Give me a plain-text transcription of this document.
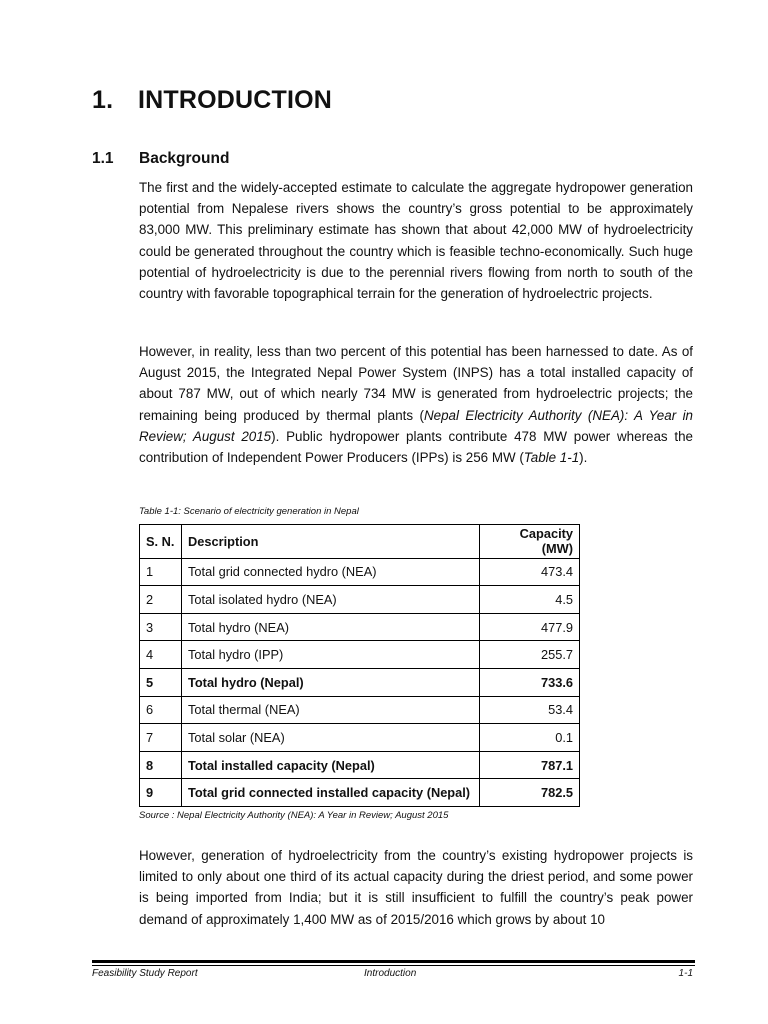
1. INTRODUCTION
1.1 Background

The first and the widely-accepted estimate to calculate the aggregate hydropower generation potential from Nepalese rivers shows the country’s gross potential to be approximately 83,000 MW. This preliminary estimate has shown that about 42,000 MW of hydroelectricity could be generated throughout the country which is feasible techno-economically. Such huge potential of hydroelectricity is due to the perennial rivers flowing from north to south of the country with favorable topographical terrain for the generation of hydroelectric projects.

However, in reality, less than two percent of this potential has been harnessed to date. As of August 2015, the Integrated Nepal Power System (INPS) has a total installed capacity of about 787 MW, out of which nearly 734 MW is generated from hydroelectric projects; the remaining being produced by thermal plants (Nepal Electricity Authority (NEA): A Year in Review; August 2015). Public hydropower plants contribute 478 MW power whereas the contribution of Independent Power Producers (IPPs) is 256 MW (Table 1-1).

Table 1-1: Scenario of electricity generation in Nepal
S. N.	Description	Capacity (MW)
1	Total grid connected hydro (NEA)	473.4
2	Total isolated hydro (NEA)	4.5
3	Total hydro (NEA)	477.9
4	Total hydro (IPP)	255.7
5	Total hydro (Nepal)	733.6
6	Total thermal (NEA)	53.4
7	Total solar (NEA)	0.1
8	Total installed capacity (Nepal)	787.1
9	Total grid connected installed capacity (Nepal)	782.5
Source : Nepal Electricity Authority (NEA): A Year in Review; August 2015

However, generation of hydroelectricity from the country’s existing hydropower projects is limited to only about one third of its actual capacity during the driest period, and some power is being imported from India; but it is still insufficient to fulfill the country’s peak power demand of approximately 1,400 MW as of 2015/2016 which grows by about 10

Feasibility Study Report	Introduction	1-1
